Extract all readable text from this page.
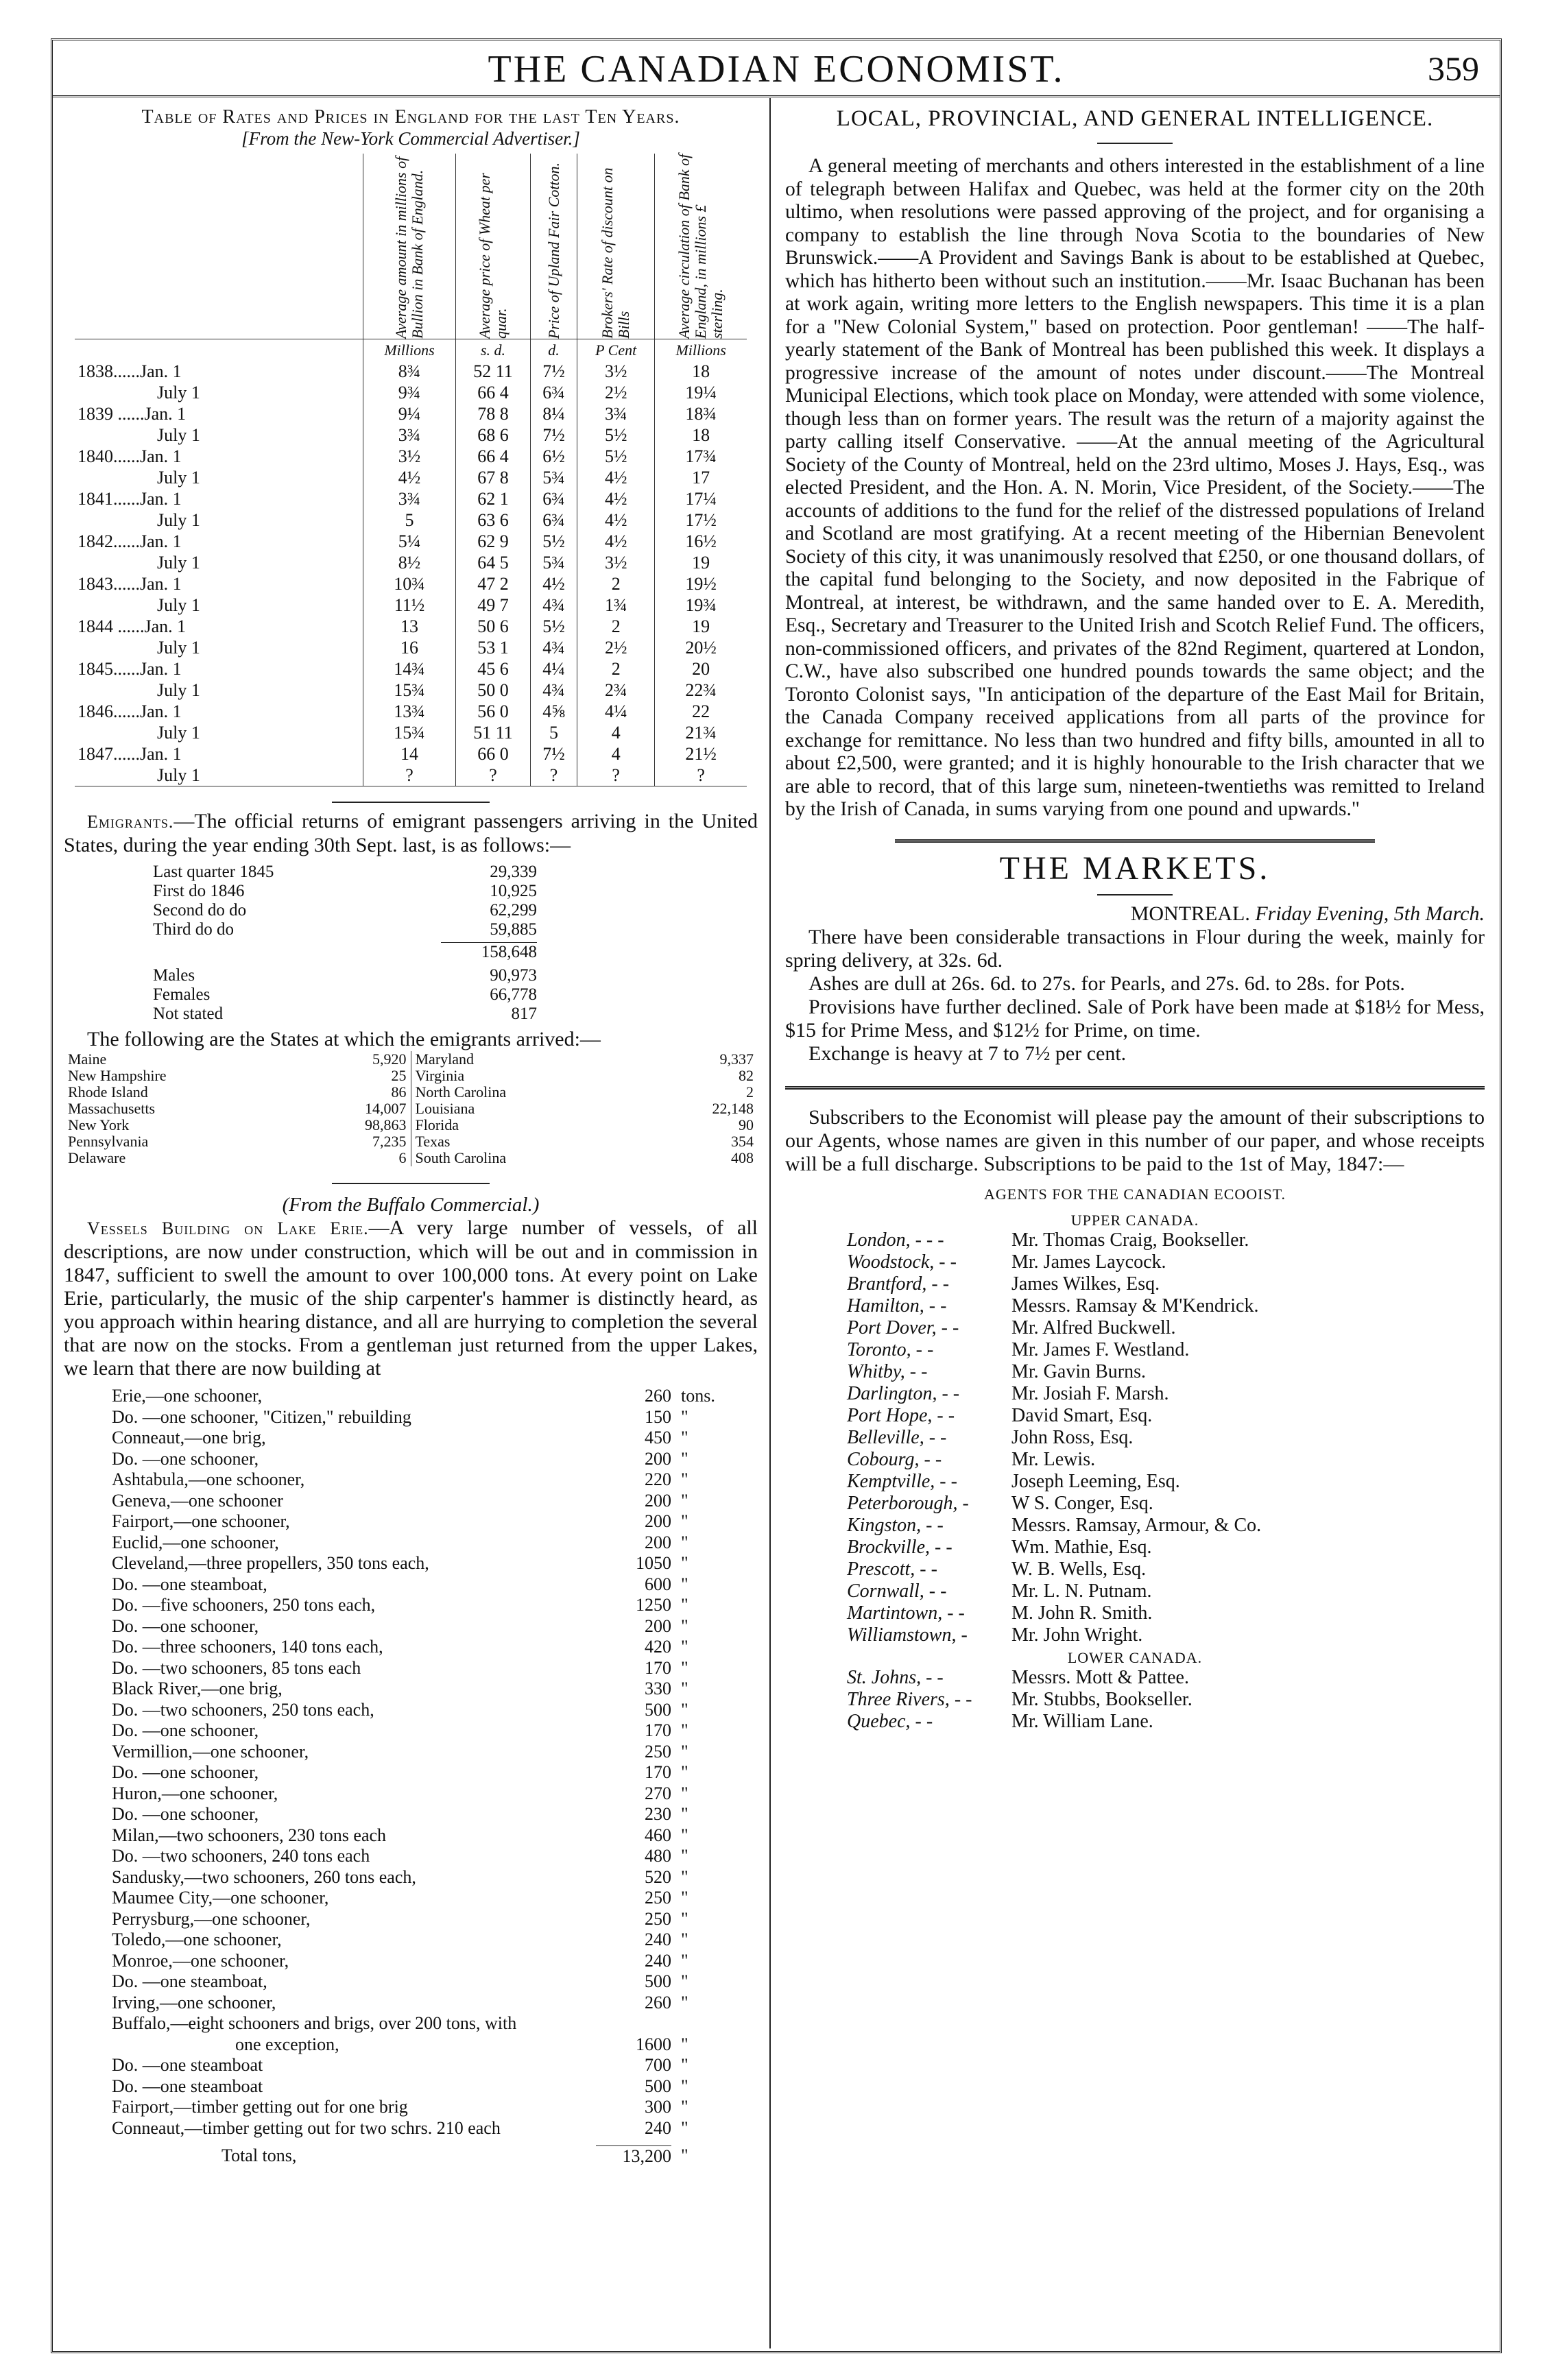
THE CANADIAN ECONOMIST.	359
Table of Rates and Prices in England for the last Ten Years.
[From the New-York Commercial Advertiser.]

	Average amount in millions of Bullion in Bank of England.	Average price of Wheat per quar.	Price of Upland Fair Cotton.	Brokers' Rate of discount on Bills	Average circulation of Bank of England, in millions £ sterling.

	Millions	s. d.	d.	P Cent	Millions
1838......Jan. 1	8¾	52 11	7½	3½	18
July 1	9¾	66 4	6¾	2½	19¼
1839 ......Jan. 1	9¼	78 8	8¼	3¾	18¾
July 1	3¾	68 6	7½	5½	18
1840......Jan. 1	3½	66 4	6½	5½	17¾
July 1	4½	67 8	5¾	4½	17
1841......Jan. 1	3¾	62 1	6¾	4½	17¼
July 1	5	63 6	6¾	4½	17½
1842......Jan. 1	5¼	62 9	5½	4½	16½
July 1	8½	64 5	5¾	3½	19
1843......Jan. 1	10¾	47 2	4½	2	19½
July 1	11½	49 7	4¾	1¾	19¾
1844 ......Jan. 1	13	50 6	5½	2	19
July 1	16	53 1	4¾	2½	20½
1845......Jan. 1	14¾	45 6	4¼	2	20
July 1	15¾	50 0	4¾	2¾	22¾
1846......Jan. 1	13¾	56 0	4⅝	4¼	22
July 1	15¾	51 11	5	4	21¾
1847......Jan. 1	14	66 0	7½	4	21½
July 1	?	?	?	?	?
Emigrants.—The official returns of emigrant passengers arriving in the United States, during the year ending 30th Sept. last, is as follows:—
Last quarter 1845	29,339
First do 1846	10,925
Second do do	62,299
Third do do	59,885
158,648
Males	90,973
Females	66,778
Not stated	817
The following are the States at which the emigrants arrived:—
Maine	5,920
New Hampshire	25
Rhode Island	86
Massachusetts	14,007
New York	98,863
Pennsylvania	7,235
Delaware	6
Maryland	9,337
Virginia	82
North Carolina	2
Louisiana	22,148
Florida	90
Texas	354
South Carolina	408
(From the Buffalo Commercial.)
Vessels Building on Lake Erie.—A very large number of vessels, of all descriptions, are now under construction, which will be out and in commission in 1847, sufficient to swell the amount to over 100,000 tons. At every point on Lake Erie, particularly, the music of the ship carpenter's hammer is distinctly heard, as you approach within hearing distance, and all are hurrying to completion the several that are now on the stocks. From a gentleman just returned from the upper Lakes, we learn that there are now building at
Erie,—one schooner,	260 tons.
Do. —one schooner, "Citizen," rebuilding	150 "
Conneaut,—one brig,	450 "
Do. —one schooner,	200 "
Ashtabula,—one schooner,	220 "
Geneva,—one schooner	200 "
Fairport,—one schooner,	200 "
Euclid,—one schooner,	200 "
Cleveland,—three propellers, 350 tons each,	1050 "
Do. —one steamboat,	600 "
Do. —five schooners, 250 tons each,	1250 "
Do. —one schooner,	200 "
Do. —three schooners, 140 tons each,	420 "
Do. —two schooners, 85 tons each	170 "
Black River,—one brig,	330 "
Do. —two schooners, 250 tons each,	500 "
Do. —one schooner,	170 "
Vermillion,—one schooner,	250 "
Do. —one schooner,	170 "
Huron,—one schooner,	270 "
Do. —one schooner,	230 "
Milan,—two schooners, 230 tons each	460 "
Do. —two schooners, 240 tons each	480 "
Sandusky,—two schooners, 260 tons each,	520 "
Maumee City,—one schooner,	250 "
Perrysburg,—one schooner,	250 "
Toledo,—one schooner,	240 "
Monroe,—one schooner,	240 "
Do. —one steamboat,	500 "
Irving,—one schooner,	260 "
Buffalo,—eight schooners and brigs, over 200 tons, with
one exception,	1600 "
Do. —one steamboat	700 "
Do. —one steamboat	500 "
Fairport,—timber getting out for one brig	300 "
Conneaut,—timber getting out for two schrs. 210 each	240 "
Total tons,	13,200 "
LOCAL, PROVINCIAL, AND GENERAL INTELLIGENCE.
A general meeting of merchants and others interested in the establishment of a line of telegraph between Halifax and Quebec, was held at the former city on the 20th ultimo, when resolutions were passed approving of the project, and for organising a company to establish the line through Nova Scotia to the boundaries of New Brunswick.——A Provident and Savings Bank is about to be established at Quebec, which has hitherto been without such an institution.——Mr. Isaac Buchanan has been at work again, writing more letters to the English newspapers. This time it is a plan for a "New Colonial System," based on protection. Poor gentleman! ——The half-yearly statement of the Bank of Montreal has been published this week. It displays a progressive increase of the amount of notes under discount.——The Montreal Municipal Elections, which took place on Monday, were attended with some violence, though less than on former years. The result was the return of a majority against the party calling itself Conservative. ——At the annual meeting of the Agricultural Society of the County of Montreal, held on the 23rd ultimo, Moses J. Hays, Esq., was elected President, and the Hon. A. N. Morin, Vice President, of the Society.——The accounts of additions to the fund for the relief of the distressed populations of Ireland and Scotland are most gratifying. At a recent meeting of the Hibernian Benevolent Society of this city, it was unanimously resolved that £250, or one thousand dollars, of the capital fund belonging to the Society, and now deposited in the Fabrique of Montreal, at interest, be withdrawn, and the same handed over to E. A. Meredith, Esq., Secretary and Treasurer to the United Irish and Scotch Relief Fund. The officers, non-commissioned officers, and privates of the 82nd Regiment, quartered at London, C.W., have also subscribed one hundred pounds towards the same object; and the Toronto Colonist says, "In anticipation of the departure of the East Mail for Britain, the Canada Company received applications from all parts of the province for exchange for remittance. No less than two hundred and fifty bills, amounted in all to about £2,500, were granted; and it is highly honourable to the Irish character that we are able to record, that of this large sum, nineteen-twentieths was remitted to Ireland by the Irish of Canada, in sums varying from one pound and upwards."
THE MARKETS.
MONTREAL. Friday Evening, 5th March.
There have been considerable transactions in Flour during the week, mainly for spring delivery, at 32s. 6d.
Ashes are dull at 26s. 6d. to 27s. for Pearls, and 27s. 6d. to 28s. for Pots.
Provisions have further declined. Sale of Pork have been made at $18½ for Mess, $15 for Prime Mess, and $12½ for Prime, on time.
Exchange is heavy at 7 to 7½ per cent.
Subscribers to the Economist will please pay the amount of their subscriptions to our Agents, whose names are given in this number of our paper, and whose receipts will be a full discharge. Subscriptions to be paid to the 1st of May, 1847:—
AGENTS FOR THE CANADIAN ECOOIST.
UPPER CANADA.
London, - - -	Mr. Thomas Craig, Bookseller.
Woodstock, - -	Mr. James Laycock.
Brantford, - -	James Wilkes, Esq.
Hamilton, - -	Messrs. Ramsay & M'Kendrick.
Port Dover, - -	Mr. Alfred Buckwell.
Toronto, - -	Mr. James F. Westland.
Whitby, - -	Mr. Gavin Burns.
Darlington, - -	Mr. Josiah F. Marsh.
Port Hope, - -	David Smart, Esq.
Belleville, - -	John Ross, Esq.
Cobourg, - -	Mr. Lewis.
Kemptville, - -	Joseph Leeming, Esq.
Peterborough, -	W S. Conger, Esq.
Kingston, - -	Messrs. Ramsay, Armour, & Co.
Brockville, - -	Wm. Mathie, Esq.
Prescott, - -	W. B. Wells, Esq.
Cornwall, - -	Mr. L. N. Putnam.
Martintown, - -	M. John R. Smith.
Williamstown, -	Mr. John Wright.
LOWER CANADA.
St. Johns, - -	Messrs. Mott & Pattee.
Three Rivers, - -	Mr. Stubbs, Bookseller.
Quebec, - -	Mr. William Lane.
